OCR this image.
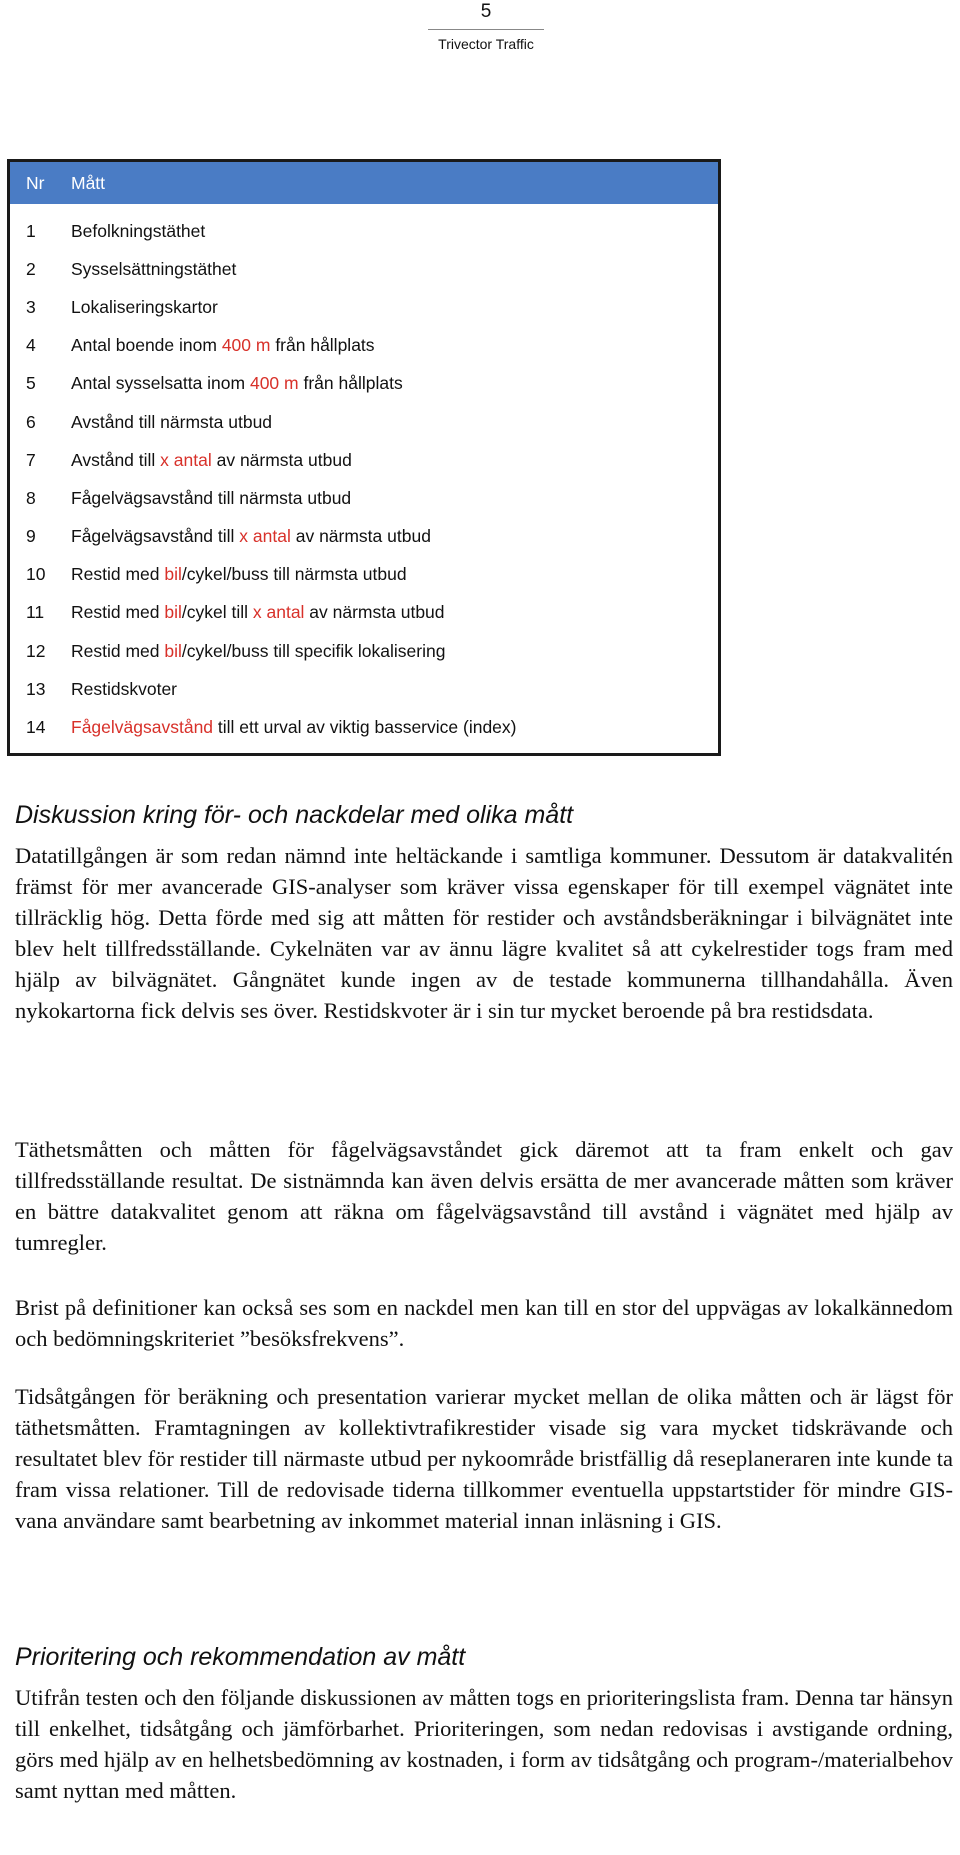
5
Trivector Traffic
Nr	Mått
1	Befolkningstäthet
2	Sysselsättningstäthet
3	Lokaliseringskartor
4	Antal boende inom 400 m från hållplats
5	Antal sysselsatta inom 400 m från hållplats
6	Avstånd till närmsta utbud
7	Avstånd till x antal av närmsta utbud
8	Fågelvägsavstånd till närmsta utbud
9	Fågelvägsavstånd till x antal av närmsta utbud
10	Restid med bil/cykel/buss till närmsta utbud
11	Restid med bil/cykel till x antal av närmsta utbud
12	Restid med bil/cykel/buss till specifik lokalisering
13	Restidskvoter
14	Fågelvägsavstånd till ett urval av viktig basservice (index)
Diskussion kring för- och nackdelar med olika mått

Datatillgången är som redan nämnd inte heltäckande i samtliga kommuner. Dessutom är datakvalitén främst för mer avancerade GIS-analyser som kräver vissa egenskaper för till exempel vägnätet inte tillräcklig hög. Detta förde med sig att måtten för restider och avståndsberäkningar i bilvägnätet inte blev helt tillfredsställande. Cykelnäten var av ännu lägre kvalitet så att cykelrestider togs fram med hjälp av bilvägnätet. Gångnätet kunde ingen av de testade kommunerna tillhandahålla. Även nykokartorna fick delvis ses över. Restidskvoter är i sin tur mycket beroende på bra restidsdata.

Täthetsmåtten och måtten för fågelvägsavståndet gick däremot att ta fram enkelt och gav tillfredsställande resultat. De sistnämnda kan även delvis ersätta de mer avancerade måtten som kräver en bättre datakvalitet genom att räkna om fågelvägsavstånd till avstånd i vägnätet med hjälp av tumregler.

Brist på definitioner kan också ses som en nackdel men kan till en stor del uppvägas av lokalkännedom och bedömningskriteriet ”besöksfrekvens”.

Tidsåtgången för beräkning och presentation varierar mycket mellan de olika måtten och är lägst för täthetsmåtten. Framtagningen av kollektivtrafikrestider visade sig vara mycket tidskrävande och resultatet blev för restider till närmaste utbud per nykoområde bristfällig då reseplaneraren inte kunde ta fram vissa relationer. Till de redovisade tiderna tillkommer eventuella uppstartstider för mindre GIS-vana användare samt bearbetning av inkommet material innan inläsning i GIS.

Prioritering och rekommendation av mått

Utifrån testen och den följande diskussionen av måtten togs en prioriteringslista fram. Denna tar hänsyn till enkelhet, tidsåtgång och jämförbarhet. Prioriteringen, som nedan redovisas i avstigande ordning, görs med hjälp av en helhetsbedömning av kostnaden, i form av tidsåtgång och program-/materialbehov samt nyttan med måtten.
